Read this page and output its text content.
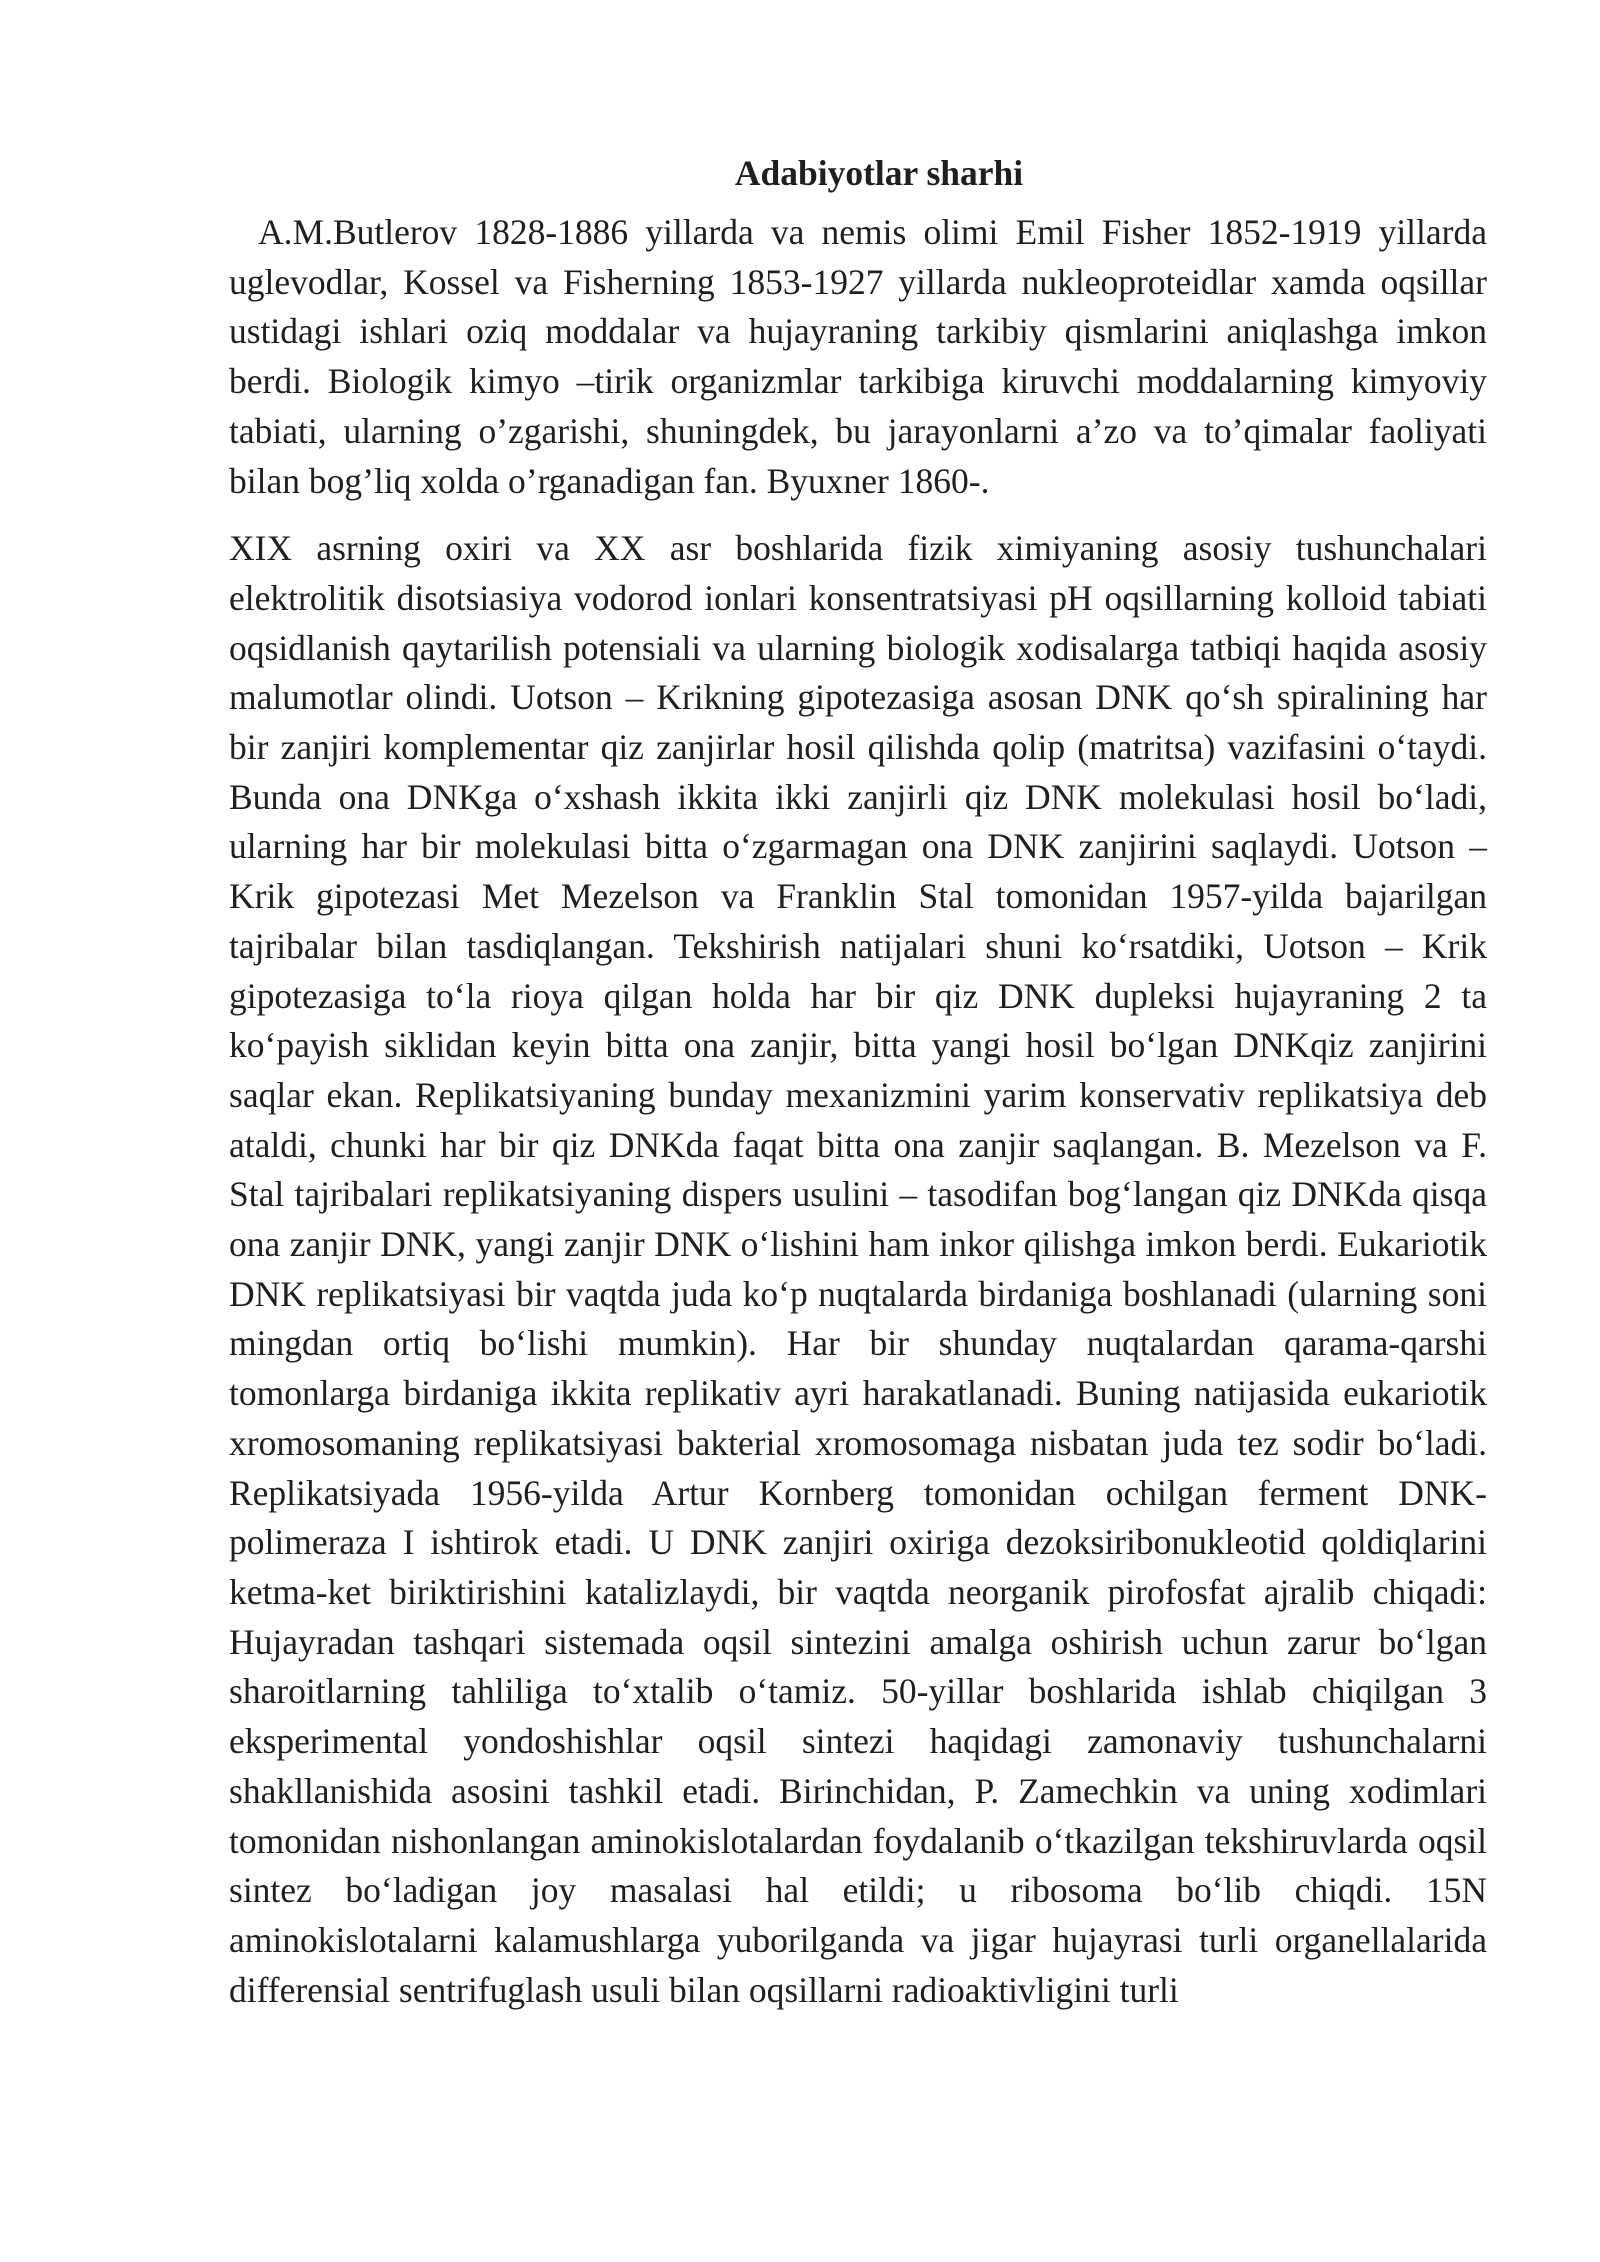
Adabiyotlar sharhi

A.M.Butlerov 1828-1886 yillarda va nemis olimi Emil Fisher 1852-1919 yillarda uglevodlar, Kossel va Fisherning 1853-1927 yillarda nukleoproteidlar xamda oqsillar ustidagi ishlari oziq moddalar va hujayraning tarkibiy qismlarini aniqlashga imkon berdi. Biologik kimyo –tirik organizmlar tarkibiga kiruvchi moddalarning kimyoviy tabiati, ularning o’zgarishi, shuningdek, bu jarayonlarni a’zo va to’qimalar faoliyati bilan bog’liq xolda o’rganadigan fan. Byuxner 1860-.

XIX asrning oxiri va XX asr boshlarida fizik ximiyaning asosiy tushunchalari elektrolitik disotsiasiya vodorod ionlari konsentratsiyasi pH oqsillarning kolloid tabiati oqsidlanish qaytarilish potensiali va ularning biologik xodisalarga tatbiqi haqida asosiy malumotlar olindi. Uotson – Krikning gipotezasiga asosan DNK qoʻsh spiralining har bir zanjiri komplementar qiz zanjirlar hosil qilishda qolip (matritsa) vazifasini oʻtaydi. Bunda ona DNKga oʻxshash ikkita ikki zanjirli qiz DNK molekulasi hosil boʻladi, ularning har bir molekulasi bitta oʻzgarmagan ona DNK zanjirini saqlaydi. Uotson – Krik gipotezasi Met Mezelson va Franklin Stal tomonidan 1957-yilda bajarilgan tajribalar bilan tasdiqlangan. Tekshirish natijalari shuni koʻrsatdiki, Uotson – Krik gipotezasiga toʻla rioya qilgan holda har bir qiz DNK dupleksi hujayraning 2 ta koʻpayish siklidan keyin bitta ona zanjir, bitta yangi hosil boʻlgan DNKqiz zanjirini saqlar ekan. Replikatsiyaning bunday mexanizmini yarim konservativ replikatsiya deb ataldi, chunki har bir qiz DNKda faqat bitta ona zanjir saqlangan. B. Mezelson va F. Stal tajribalari replikatsiyaning dispers usulini – tasodifan bogʻlangan qiz DNKda qisqa ona zanjir DNK, yangi zanjir DNK oʻlishini ham inkor qilishga imkon berdi. Eukariotik DNK replikatsiyasi bir vaqtda juda koʻp nuqtalarda birdaniga boshlanadi (ularning soni mingdan ortiq boʻlishi mumkin). Har bir shunday nuqtalardan qarama-qarshi tomonlarga birdaniga ikkita replikativ ayri harakatlanadi. Buning natijasida eukariotik xromosomaning replikatsiyasi bakterial xromosomaga nisbatan juda tez sodir boʻladi. Replikatsiyada 1956-yilda Artur Kornberg tomonidan ochilgan ferment DNK-polimeraza I ishtirok etadi. U DNK zanjiri oxiriga dezoksiribonukleotid qoldiqlarini ketma-ket biriktirishini katalizlaydi, bir vaqtda neorganik pirofosfat ajralib chiqadi: Hujayradan tashqari sistemada oqsil sintezini amalga oshirish uchun zarur boʻlgan sharoitlarning tahliliga toʻxtalib oʻtamiz. 50-yillar boshlarida ishlab chiqilgan 3 eksperimental yondoshishlar oqsil sintezi haqidagi zamonaviy tushunchalarni shakllanishida asosini tashkil etadi. Birinchidan, P. Zamechkin va uning xodimlari tomonidan nishonlangan aminokislotalardan foydalanib oʻtkazilgan tekshiruvlarda oqsil sintez boʻladigan joy masalasi hal etildi; u ribosoma boʻlib chiqdi. 15N aminokislotalarni kalamushlarga yuborilganda va jigar hujayrasi turli organellalarida differensial sentrifuglash usuli bilan oqsillarni radioaktivligini turli
